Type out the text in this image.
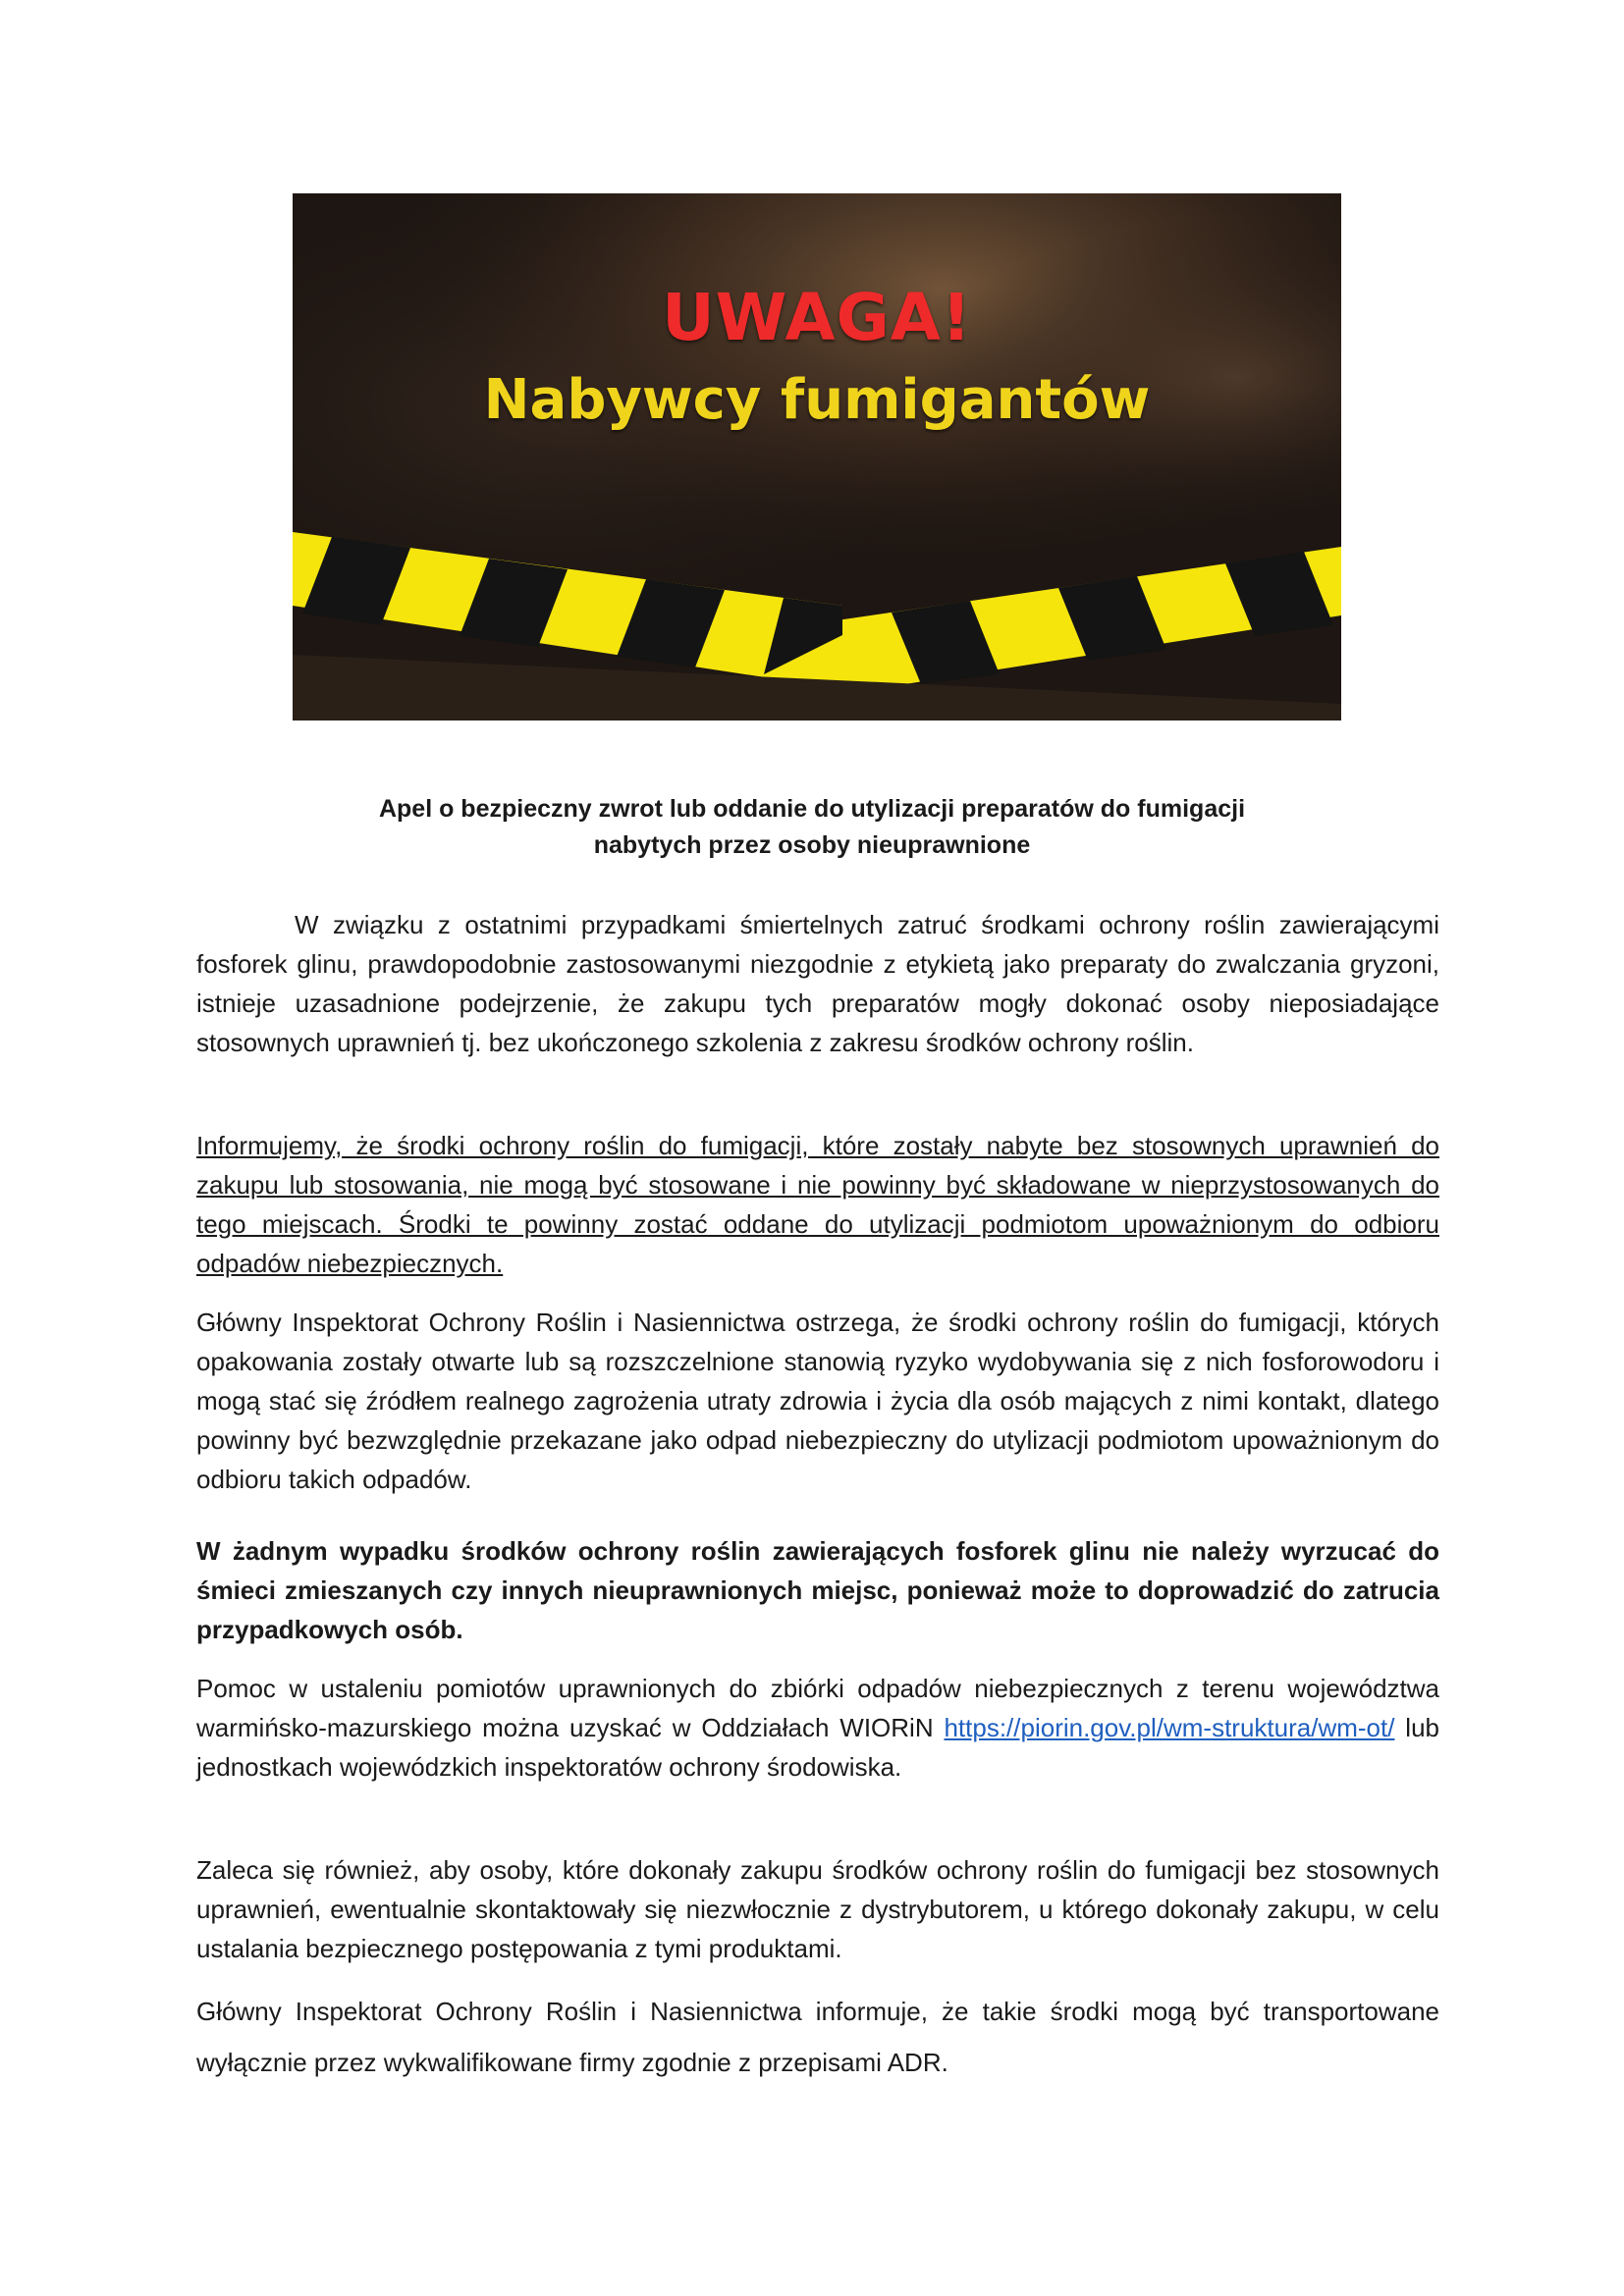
UWAGA!
Nabywcy fumigantów
Apel o bezpieczny zwrot lub oddanie do utylizacji preparatów do fumigacji
nabytych przez osoby nieuprawnione

W związku z ostatnimi przypadkami śmiertelnych zatruć środkami ochrony roślin zawierającymi fosforek glinu, prawdopodobnie zastosowanymi niezgodnie z etykietą jako preparaty do zwalczania gryzoni, istnieje uzasadnione podejrzenie, że zakupu tych preparatów mogły dokonać osoby nieposiadające stosownych uprawnień tj. bez ukończonego szkolenia z zakresu środków ochrony roślin.

Informujemy, że środki ochrony roślin do fumigacji, które zostały nabyte bez stosownych uprawnień do zakupu lub stosowania, nie mogą być stosowane i nie powinny być składowane w nieprzystosowanych do tego miejscach. Środki te powinny zostać oddane do utylizacji podmiotom upoważnionym do odbioru odpadów niebezpiecznych.

Główny Inspektorat Ochrony Roślin i Nasiennictwa ostrzega, że środki ochrony roślin do fumigacji, których opakowania zostały otwarte lub są rozszczelnione stanowią ryzyko wydobywania się z nich fosforowodoru i mogą stać się źródłem realnego zagrożenia utraty zdrowia i życia dla osób mających z nimi kontakt, dlatego powinny być bezwzględnie przekazane jako odpad niebezpieczny do utylizacji podmiotom upoważnionym do odbioru takich odpadów.

W żadnym wypadku środków ochrony roślin zawierających fosforek glinu nie należy wyrzucać do śmieci zmieszanych czy innych nieuprawnionych miejsc, ponieważ może to doprowadzić do zatrucia przypadkowych osób.

Pomoc w ustaleniu pomiotów uprawnionych do zbiórki odpadów niebezpiecznych z terenu województwa warmińsko-mazurskiego można uzyskać w Oddziałach WIORiN https://piorin.gov.pl/wm-struktura/wm-ot/ lub jednostkach wojewódzkich inspektoratów ochrony środowiska.

Zaleca się również, aby osoby, które dokonały zakupu środków ochrony roślin do fumigacji bez stosownych uprawnień, ewentualnie skontaktowały się niezwłocznie z dystrybutorem, u którego dokonały zakupu, w celu ustalania bezpiecznego postępowania z tymi produktami.

Główny Inspektorat Ochrony Roślin i Nasiennictwa informuje, że takie środki mogą być transportowane wyłącznie przez wykwalifikowane firmy zgodnie z przepisami ADR.
